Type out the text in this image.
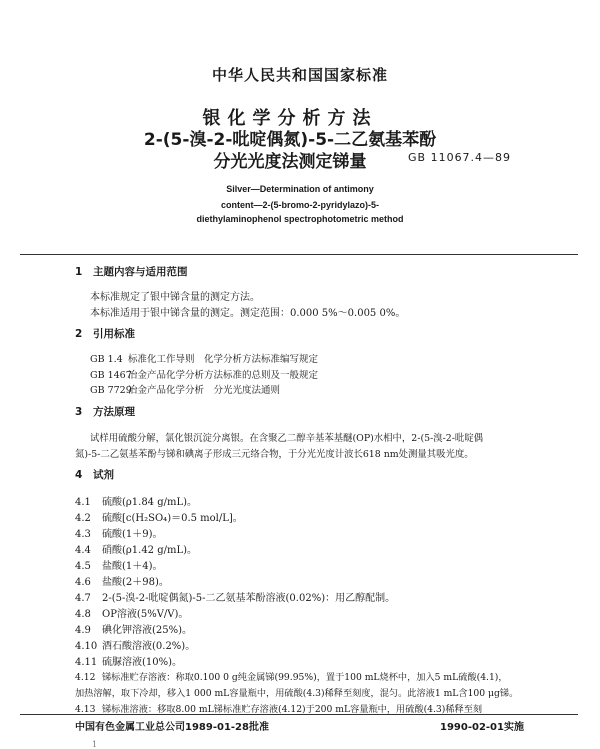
中华人民共和国国家标准
银化学分析方法
2-(5-溴-2-吡啶偶氮)-5-二乙氨基苯酚
分光光度法测定锑量	GB 11067.4—89
Silver—Determination of antimony
content—2-(5-bromo-2-pyridylazo)-5-
diethylaminophenol spectrophotometric method
1 主题内容与适用范围
本标准规定了银中锑含量的测定方法。
本标准适用于银中锑含量的测定。测定范围：0.000 5%～0.005 0%。
2 引用标准
GB 1.4 标准化工作导则　化学分析方法标准编写规定
GB 1467冶金产品化学分析方法标准的总则及一般规定
GB 7729冶金产品化学分析　分光光度法通则
3 方法原理
试样用硫酸分解，氯化银沉淀分离银。在含聚乙二醇辛基苯基醚(OP)水相中，2-(5-溴-2-吡啶偶
氮)-5-二乙氨基苯酚与锑和碘离子形成三元络合物，于分光光度计波长618 nm处测量其吸光度。
4 试剂
4.1 硫酸(ρ1.84 g/mL)。
4.2 硫酸[c(H₂SO₄)＝0.5 mol/L]。
4.3 硫酸(1＋9)。
4.4 硝酸(ρ1.42 g/mL)。
4.5 盐酸(1＋4)。
4.6 盐酸(2＋98)。
4.7 2-(5-溴-2-吡啶偶氮)-5-二乙氨基苯酚溶液(0.02%)：用乙醇配制。
4.8 OP溶液(5%V/V)。
4.9 碘化钾溶液(25%)。
4.10 酒石酸溶液(0.2%)。
4.11 硫脲溶液(10%)。
4.12 锑标准贮存溶液：称取0.100 0 g纯金属锑(99.95%)，置于100 mL烧杯中，加入5 mL硫酸(4.1)，
加热溶解，取下冷却，移入1 000 mL容量瓶中，用硫酸(4.3)稀释至刻度，混匀。此溶液1 mL含100 μg锑。
4.13 锑标准溶液：移取8.00 mL锑标准贮存溶液(4.12)于200 mL容量瓶中，用硫酸(4.3)稀释至刻
中国有色金属工业总公司1989-01-28批准	1990-02-01实施
1
